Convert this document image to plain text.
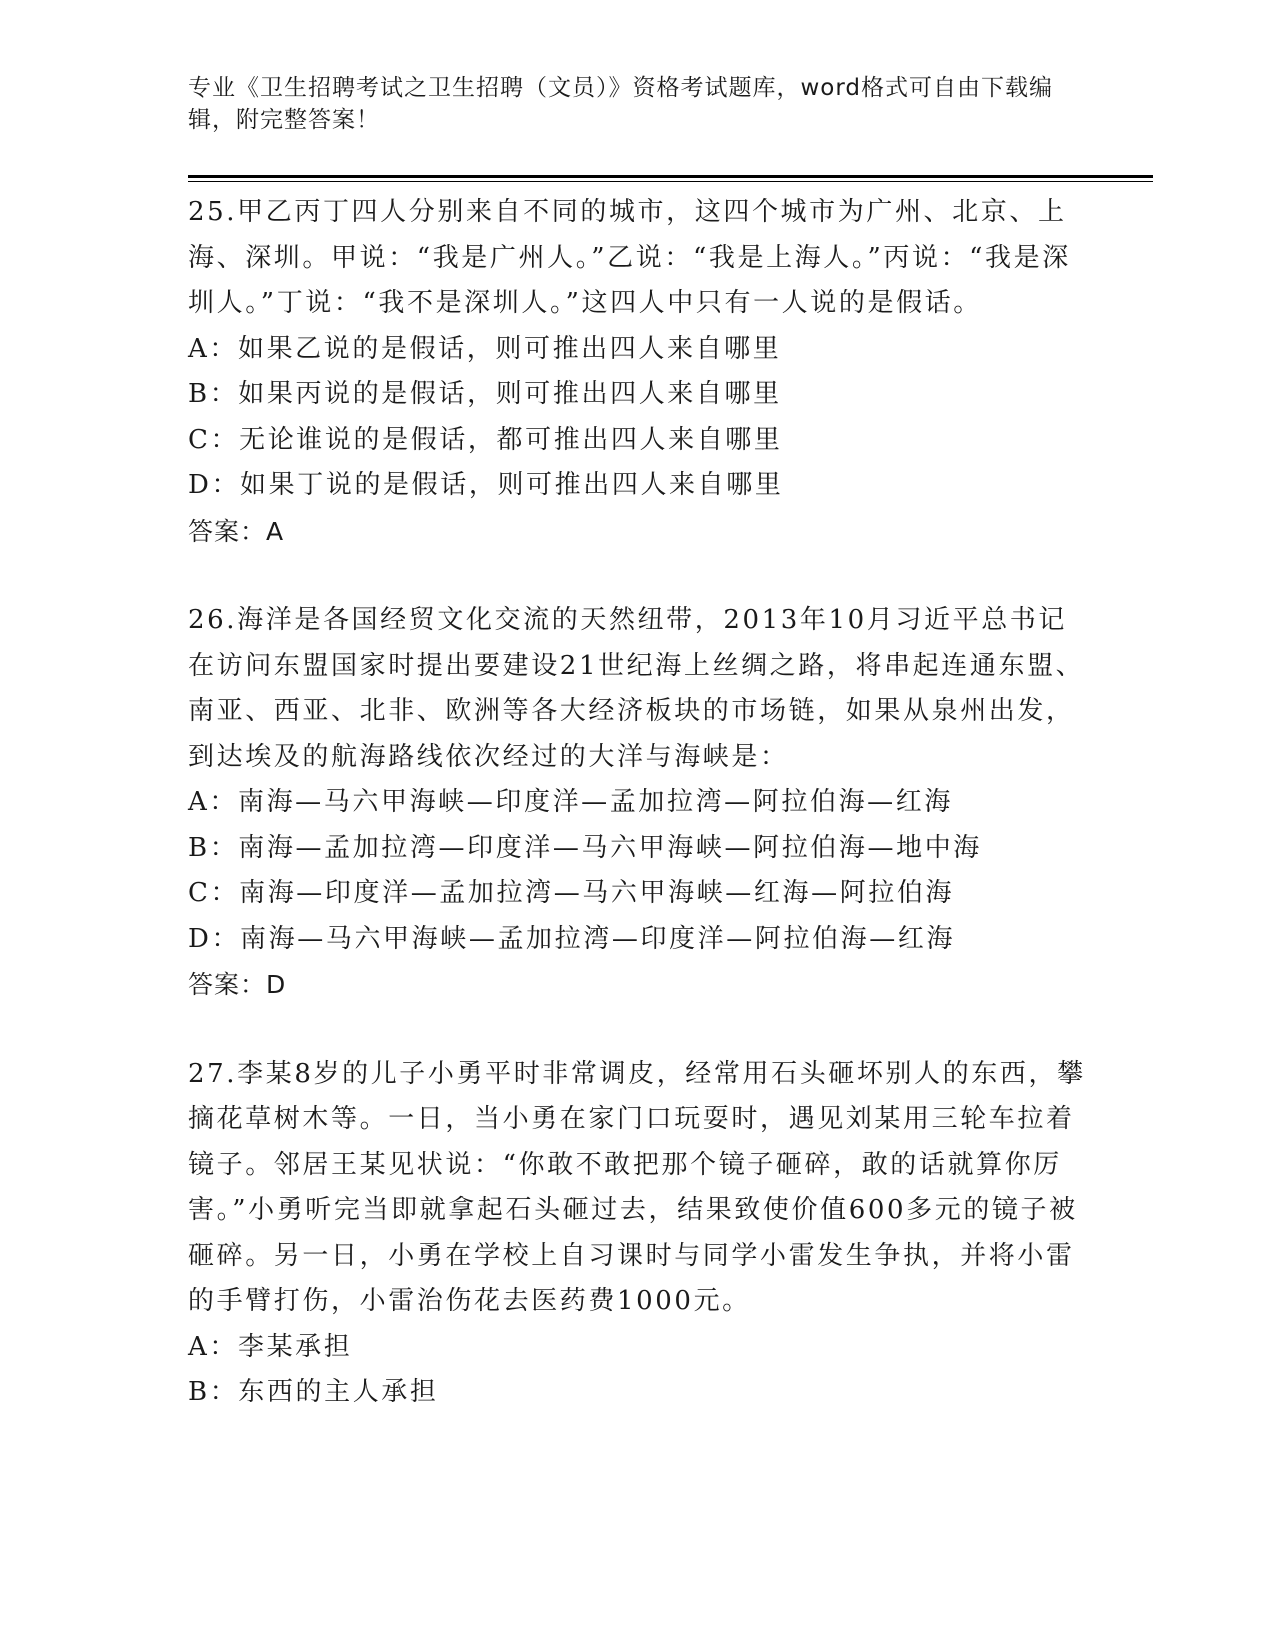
专业《卫生招聘考试之卫生招聘（文员）》资格考试题库，word格式可自由下载编辑，附完整答案！

25.甲乙丙丁四人分别来自不同的城市，这四个城市为广州、北京、上海、深圳。甲说：“我是广州人。”乙说：“我是上海人。”丙说：“我是深圳人。”丁说：“我不是深圳人。”这四人中只有一人说的是假话。

A：如果乙说的是假话，则可推出四人来自哪里

B：如果丙说的是假话，则可推出四人来自哪里

C：无论谁说的是假话，都可推出四人来自哪里

D：如果丁说的是假话，则可推出四人来自哪里

答案：A

26.海洋是各国经贸文化交流的天然纽带，2013年10月习近平总书记在访问东盟国家时提出要建设21世纪海上丝绸之路，将串起连通东盟、南亚、西亚、北非、欧洲等各大经济板块的市场链，如果从泉州出发，到达埃及的航海路线依次经过的大洋与海峡是：

A：南海—马六甲海峡—印度洋—孟加拉湾—阿拉伯海—红海

B：南海—孟加拉湾—印度洋—马六甲海峡—阿拉伯海—地中海

C：南海—印度洋—孟加拉湾—马六甲海峡—红海—阿拉伯海

D：南海—马六甲海峡—孟加拉湾—印度洋—阿拉伯海—红海

答案：D

27.李某8岁的儿子小勇平时非常调皮，经常用石头砸坏别人的东西，攀摘花草树木等。一日，当小勇在家门口玩耍时，遇见刘某用三轮车拉着镜子。邻居王某见状说：“你敢不敢把那个镜子砸碎，敢的话就算你厉害。”小勇听完当即就拿起石头砸过去，结果致使价值600多元的镜子被砸碎。另一日，小勇在学校上自习课时与同学小雷发生争执，并将小雷的手臂打伤，小雷治伤花去医药费1000元。

A：李某承担

B：东西的主人承担
